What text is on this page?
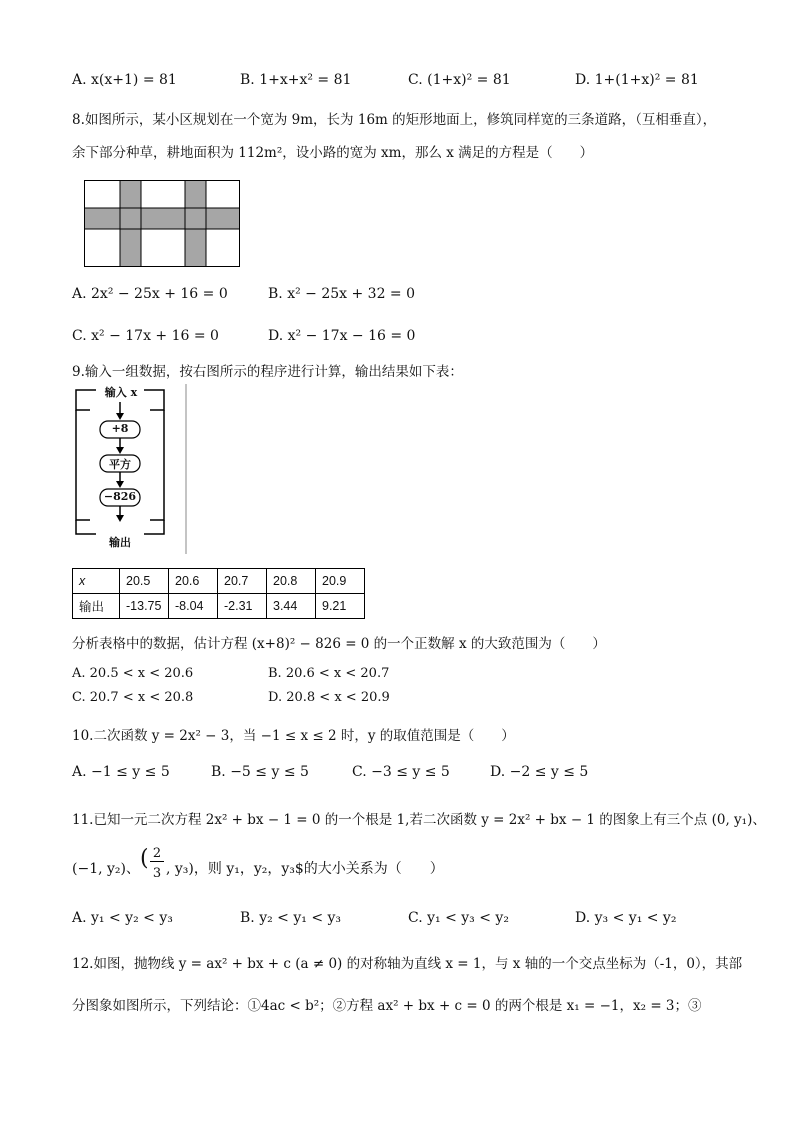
A. x(x+1) = 81	B. 1+x+x² = 81	C. (1+x)² = 81	D. 1+(1+x)² = 81
8.如图所示，某小区规划在一个宽为 9m，长为 16m 的矩形地面上，修筑同样宽的三条道路，（互相垂直），
余下部分种草，耕地面积为 112m²，设小路的宽为 xm，那么 x 满足的方程是（　　）
A. 2x² − 25x + 16 = 0	B. x² − 25x + 32 = 0
C. x² − 17x + 16 = 0	D. x² − 17x − 16 = 0
9.输入一组数据，按右图所示的程序进行计算，输出结果如下表：
输入 x
+8
平方
−826
输出
x	20.5	20.6	20.7	20.8	20.9
输出	-13.75	-8.04	-2.31	3.44	9.21
分析表格中的数据，估计方程 (x+8)² − 826 = 0 的一个正数解 x 的大致范围为（　　）
A. 20.5 < x < 20.6	B. 20.6 < x < 20.7
C. 20.7 < x < 20.8	D. 20.8 < x < 20.9
10.二次函数 y = 2x² − 3，当 −1 ≤ x ≤ 2 时，y 的取值范围是（　　）
A. −1 ≤ y ≤ 5	B. −5 ≤ y ≤ 5	C. −3 ≤ y ≤ 5	D. −2 ≤ y ≤ 5
11.已知一元二次方程 2x² + bx − 1 = 0 的一个根是 1,若二次函数 y = 2x² + bx − 1 的图象上有三个点 (0, y₁)、
(−1, y₂)、 ( 2
3 , y₃)，则 y₁，y₂，y₃$的大小关系为（　　）
A. y₁ < y₂ < y₃	B. y₂ < y₁ < y₃	C. y₁ < y₃ < y₂	D. y₃ < y₁ < y₂
12.如图，抛物线 y = ax² + bx + c (a ≠ 0) 的对称轴为直线 x = 1，与 x 轴的一个交点坐标为（-1，0），其部
分图象如图所示，下列结论：①4ac < b²；②方程 ax² + bx + c = 0 的两个根是 x₁ = −1，x₂ = 3；③
